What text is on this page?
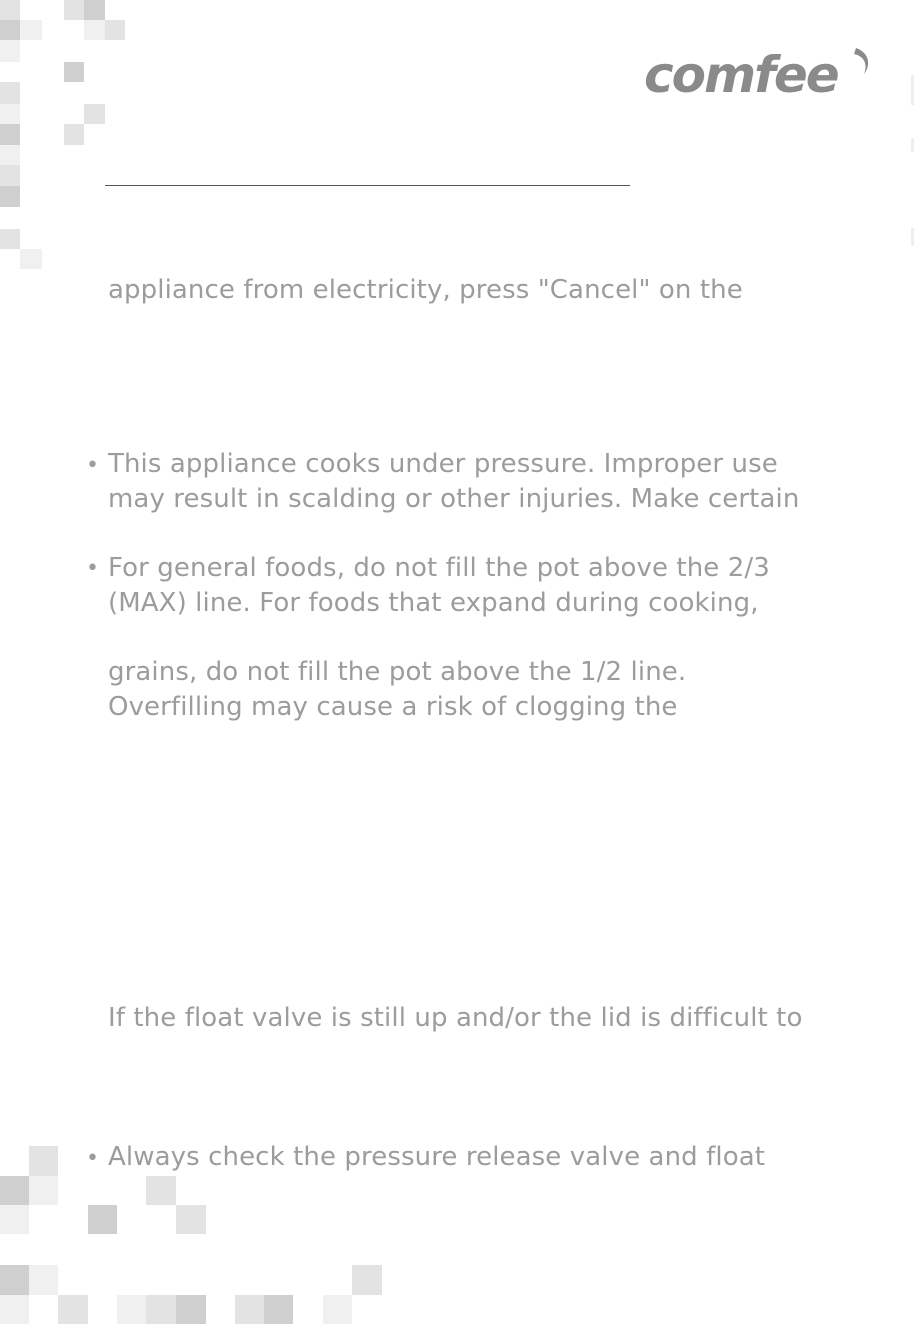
comfee
appliance from electricity, press "Cancel" on the
• This appliance cooks under pressure. Improper use
may result in scalding or other injuries. Make certain
• For general foods, do not fill the pot above the 2/3
(MAX) line. For foods that expand during cooking,
grains, do not fill the pot above the 1/2 line.
Overfilling may cause a risk of clogging the
If the float valve is still up and/or the lid is difficult to
• Always check the pressure release valve and float
